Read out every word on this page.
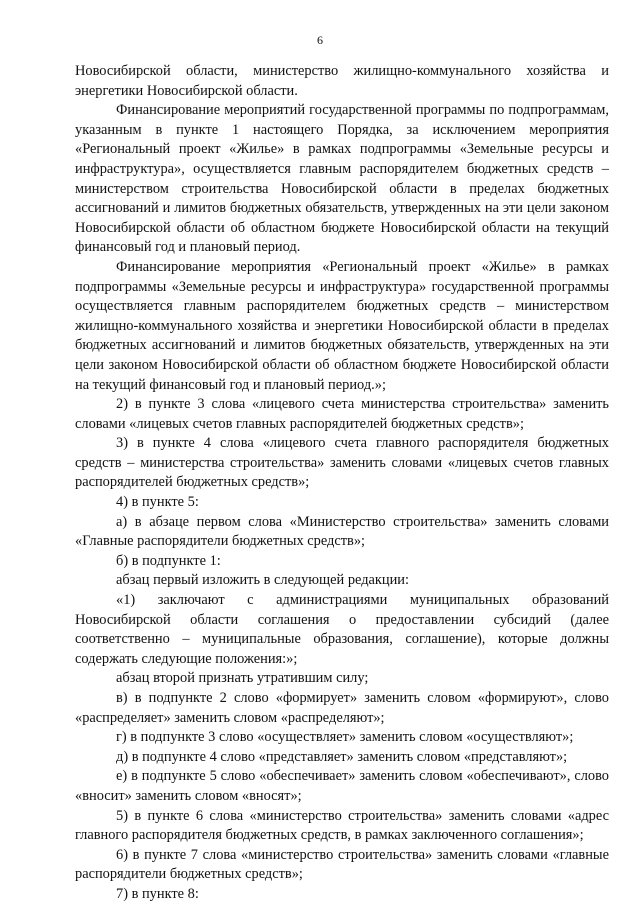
6

Новосибирской области, министерство жилищно-коммунального хозяйства и энергетики Новосибирской области.

Финансирование мероприятий государственной программы по подпрограммам, указанным в пункте 1 настоящего Порядка, за исключением мероприятия «Региональный проект «Жилье» в рамках подпрограммы «Земельные ресурсы и инфраструктура», осуществляется главным распорядителем бюджетных средств – министерством строительства Новосибирской области в пределах бюджетных ассигнований и лимитов бюджетных обязательств, утвержденных на эти цели законом Новосибирской области об областном бюджете Новосибирской области на текущий финансовый год и плановый период.

Финансирование мероприятия «Региональный проект «Жилье» в рамках подпрограммы «Земельные ресурсы и инфраструктура» государственной программы осуществляется главным распорядителем бюджетных средств – министерством жилищно-коммунального хозяйства и энергетики Новосибирской области в пределах бюджетных ассигнований и лимитов бюджетных обязательств, утвержденных на эти цели законом Новосибирской области об областном бюджете Новосибирской области на текущий финансовый год и плановый период.»;

2) в пункте 3 слова «лицевого счета министерства строительства» заменить словами «лицевых счетов главных распорядителей бюджетных средств»;

3) в пункте 4 слова «лицевого счета главного распорядителя бюджетных средств – министерства строительства» заменить словами «лицевых счетов главных распорядителей бюджетных средств»;

4) в пункте 5:

а) в абзаце первом слова «Министерство строительства» заменить словами «Главные распорядители бюджетных средств»;

б) в подпункте 1:

абзац первый изложить в следующей редакции:

«1) заключают с администрациями муниципальных образований Новосибирской области соглашения о предоставлении субсидий (далее соответственно – муниципальные образования, соглашение), которые должны содержать следующие положения:»;

абзац второй признать утратившим силу;

в) в подпункте 2 слово «формирует» заменить словом «формируют», слово «распределяет» заменить словом «распределяют»;

г) в подпункте 3 слово «осуществляет» заменить словом «осуществляют»;

д) в подпункте 4 слово «представляет» заменить словом «представляют»;

е) в подпункте 5 слово «обеспечивает» заменить словом «обеспечивают», слово «вносит» заменить словом «вносят»;

5) в пункте 6 слова «министерство строительства» заменить словами «адрес главного распорядителя бюджетных средств, в рамках заключенного соглашения»;

6) в пункте 7 слова «министерство строительства» заменить словами «главные распорядители бюджетных средств»;

7) в пункте 8:
